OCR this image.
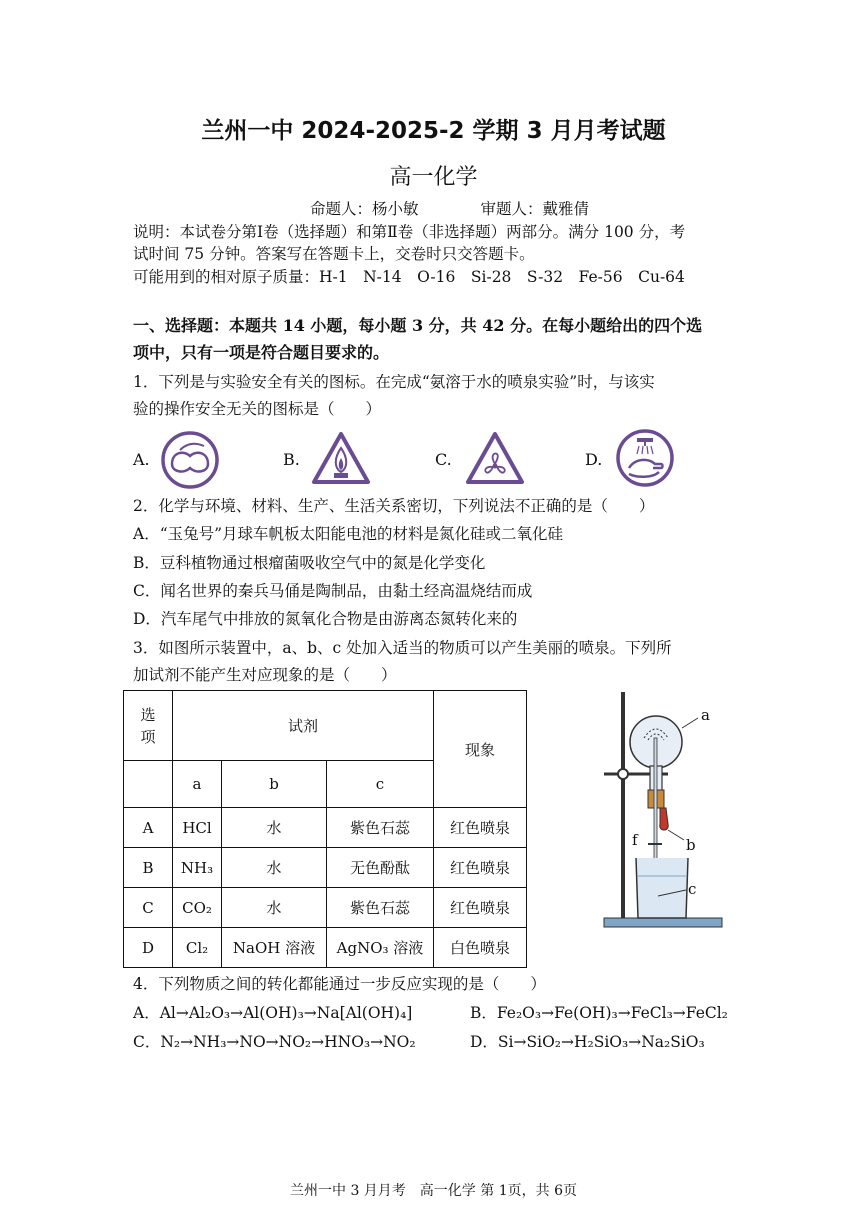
兰州一中 2024-2025-2 学期 3 月月考试题
高一化学
命题人：杨小敏　　　　审题人：戴雅倩
说明：本试卷分第Ⅰ卷（选择题）和第Ⅱ卷（非选择题）两部分。满分 100 分，考
试时间 75 分钟。答案写在答题卡上，交卷时只交答题卡。
可能用到的相对原子质量：H-1　N-14　O-16　Si-28　S-32　Fe-56　Cu-64
一、选择题：本题共 14 小题，每小题 3 分，共 42 分。在每小题给出的四个选
项中，只有一项是符合题目要求的。
1．下列是与实验安全有关的图标。在完成“氨溶于水的喷泉实验”时，与该实
验的操作安全无关的图标是（　　）
A.	B.	C.	D.
2．化学与环境、材料、生产、生活关系密切，下列说法不正确的是（　　）
A．“玉兔号”月球车帆板太阳能电池的材料是氮化硅或二氧化硅
B．豆科植物通过根瘤菌吸收空气中的氮是化学变化
C．闻名世界的秦兵马俑是陶制品，由黏土经高温烧结而成
D．汽车尾气中排放的氮氧化合物是由游离态氮转化来的
3．如图所示装置中，a、b、c 处加入适当的物质可以产生美丽的喷泉。下列所
加试剂不能产生对应现象的是（　　）
选项	试剂			现象
	a	b	c	
A	HCl	水	紫色石蕊	红色喷泉
B	NH₃	水	无色酚酞	红色喷泉
C	CO₂	水	紫色石蕊	红色喷泉
D	Cl₂	NaOH 溶液	AgNO₃ 溶液	白色喷泉
a
b
f
c
4．下列物质之间的转化都能通过一步反应实现的是（　　）
A．Al→Al₂O₃→Al(OH)₃→Na[Al(OH)₄]	B．Fe₂O₃→Fe(OH)₃→FeCl₃→FeCl₂
C．N₂→NH₃→NO→NO₂→HNO₃→NO₂	D．Si→SiO₂→H₂SiO₃→Na₂SiO₃
兰州一中 3 月月考　高一化学 第 1页，共 6页
